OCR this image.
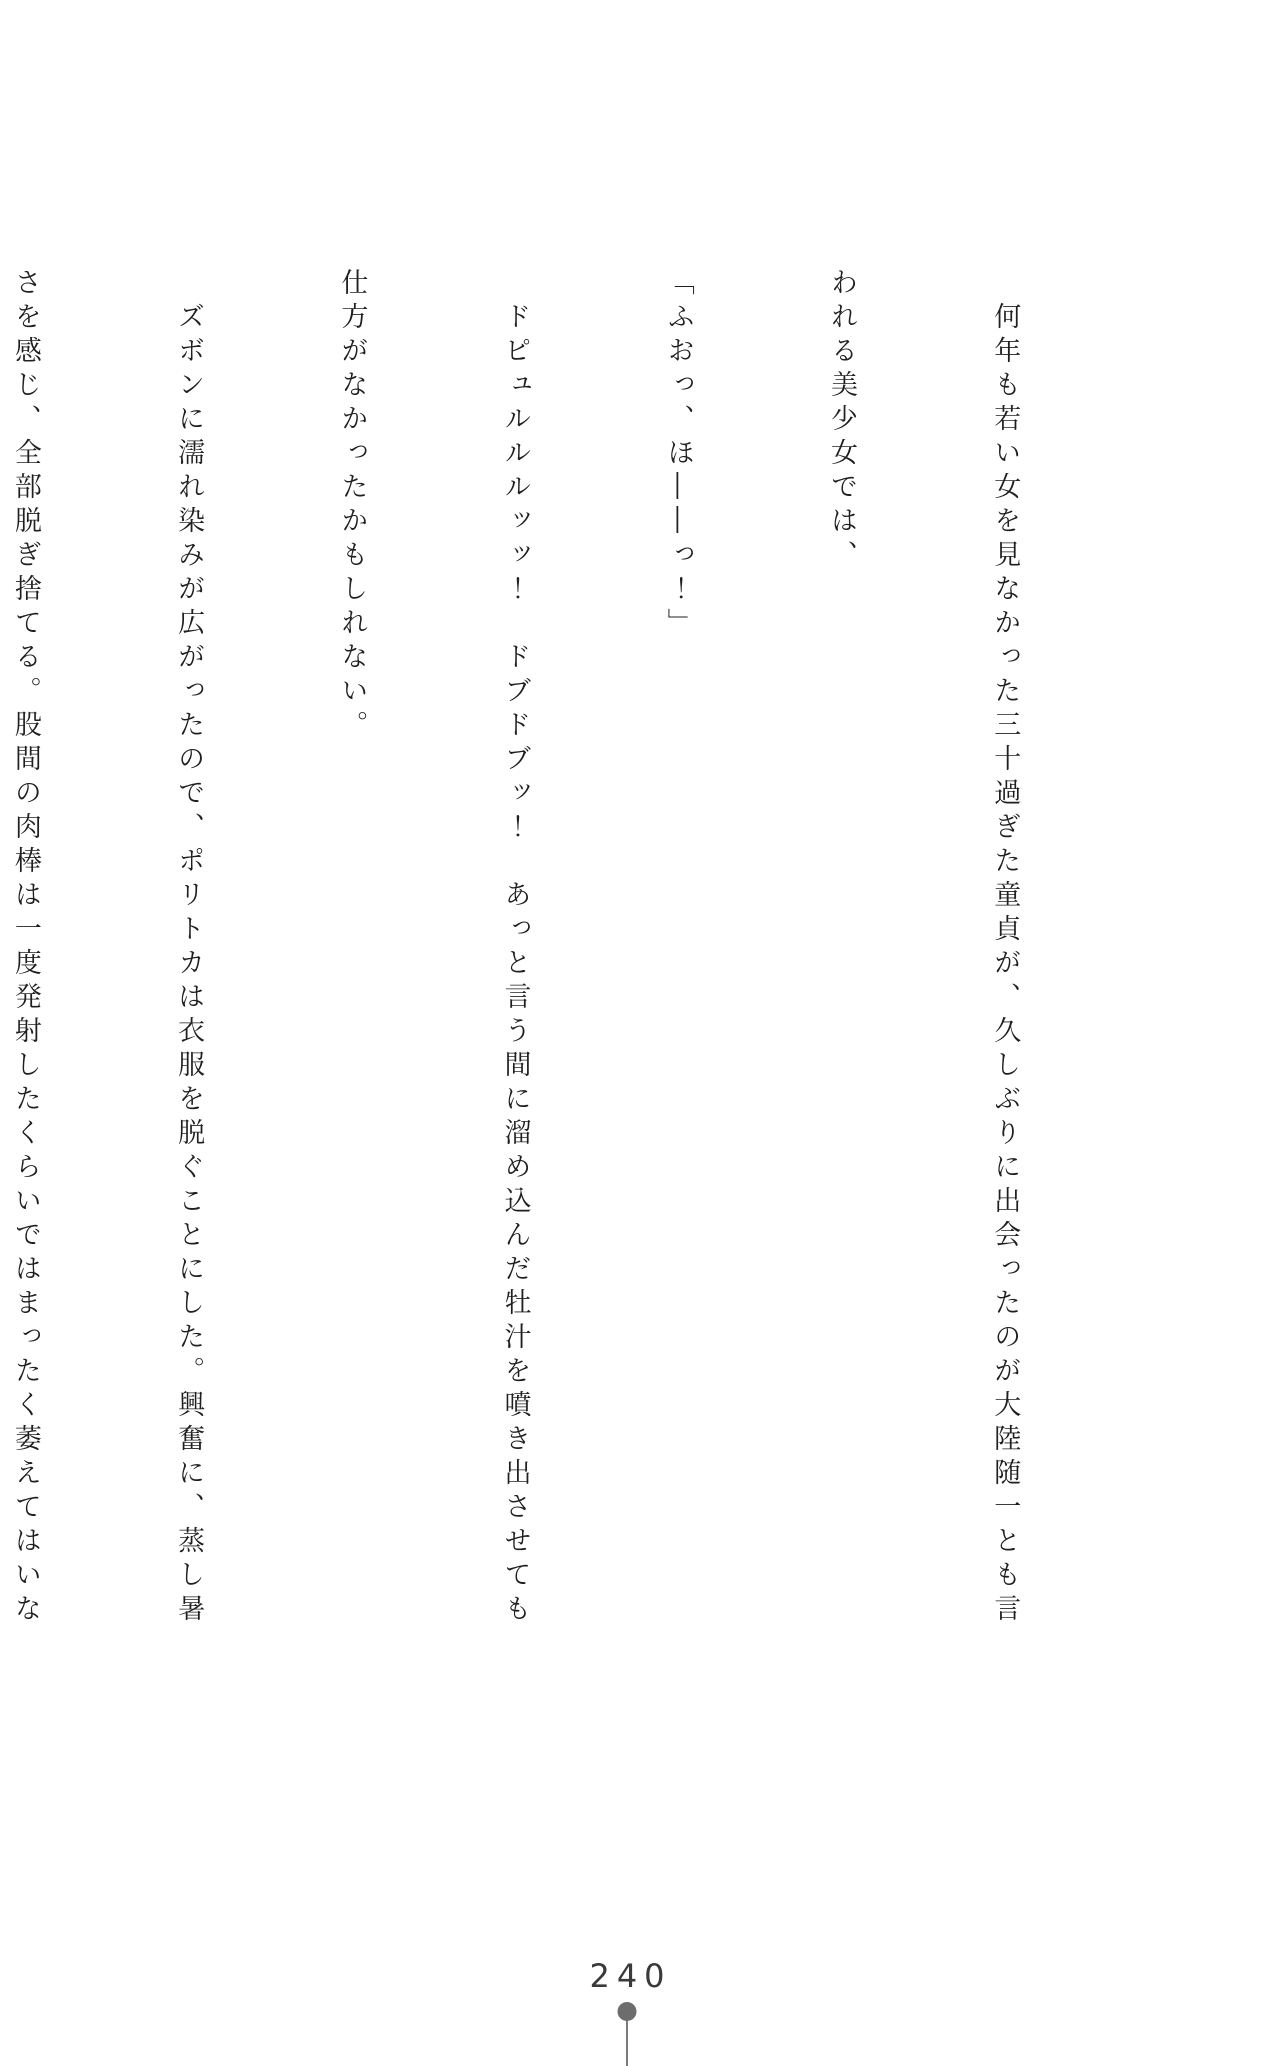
　何年も若い女を見なかった三十過ぎた童貞が、久しぶりに出会ったのが大陸随一とも言

われる美少女では、

「ふおっ、ほ――っ！」

　ドピュルルルッッ！　ドブドブッ！　あっと言う間に溜め込んだ牡汁を噴き出させても

仕方がなかったかもしれない。

　ズボンに濡れ染みが広がったので、ポリトカは衣服を脱ぐことにした。興奮に、蒸し暑

さを感じ、全部脱ぎ捨てる。股間の肉棒は一度発射したくらいではまったく萎えてはいな

240
